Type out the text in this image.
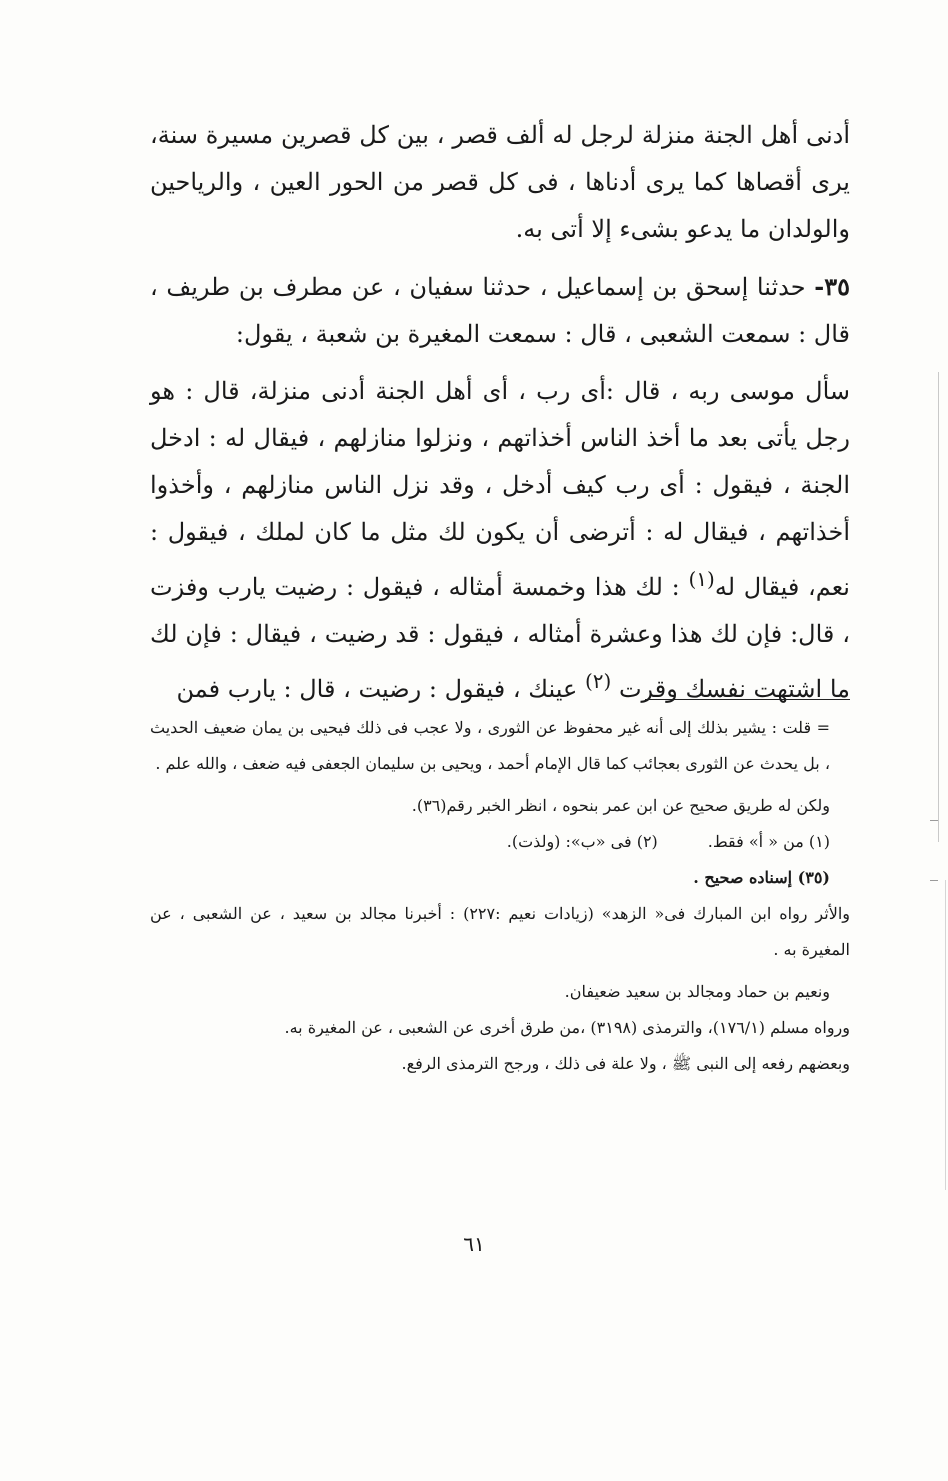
أدنى أهل الجنة منزلة لرجل له ألف قصر ، بين كل قصرين مسيرة سنة، يرى أقصاها كما يرى أدناها ، فى كل قصر من الحور العين ، والرياحين والولدان ما يدعو بشىء إلا أتى به.

٣٥- حدثنا إسحق بن إسماعيل ، حدثنا سفيان ، عن مطرف بن طريف ، قال : سمعت الشعبى ، قال : سمعت المغيرة بن شعبة ، يقول:

سأل موسى ربه ، قال :أى رب ، أى أهل الجنة أدنى منزلة، قال : هو رجل يأتى بعد ما أخذ الناس أخذاتهم ، ونزلوا منازلهم ، فيقال له : ادخل الجنة ، فيقول : أى رب كيف أدخل ، وقد نزل الناس منازلهم ، وأخذوا أخذاتهم ، فيقال له : أترضى أن يكون لك مثل ما كان لملك ، فيقول : نعم، فيقال له$^{(١)}$ : لك هذا وخمسة أمثاله ، فيقول : رضيت يارب وفزت ، قال: فإن لك هذا وعشرة أمثاله ، فيقول : قد رضيت ، فيقال : فإن لك ما اشتهت نفسك وقرت $^{(٢)}$ عينك ، فيقول : رضيت ، قال : يارب فمن

= قلت : يشير بذلك إلى أنه غير محفوظ عن الثورى ، ولا عجب فى ذلك فيحيى بن يمان ضعيف الحديث ، بل يحدث عن الثورى بعجائب كما قال الإمام أحمد ، ويحيى بن سليمان الجعفى فيه ضعف ، والله علم .

ولكن له طريق صحيح عن ابن عمر بنحوه ، انظر الخبر رقم(٣٦).

(١) من « أ» فقط.(٢) فى «ب»: (ولذت).

(٣٥) إسناده صحيح .

والأثر رواه ابن المبارك فى« الزهد» (زيادات نعيم :٢٢٧) : أخبرنا مجالد بن سعيد ، عن الشعبى ، عن المغيرة به .

ونعيم بن حماد ومجالد بن سعيد ضعيفان.

ورواه مسلم (١٧٦/١)، والترمذى (٣١٩٨) ،من طرق أخرى عن الشعبى ، عن المغيرة به.

وبعضهم رفعه إلى النبى ﷺ ، ولا علة فى ذلك ، ورجح الترمذى الرفع.

٦١
